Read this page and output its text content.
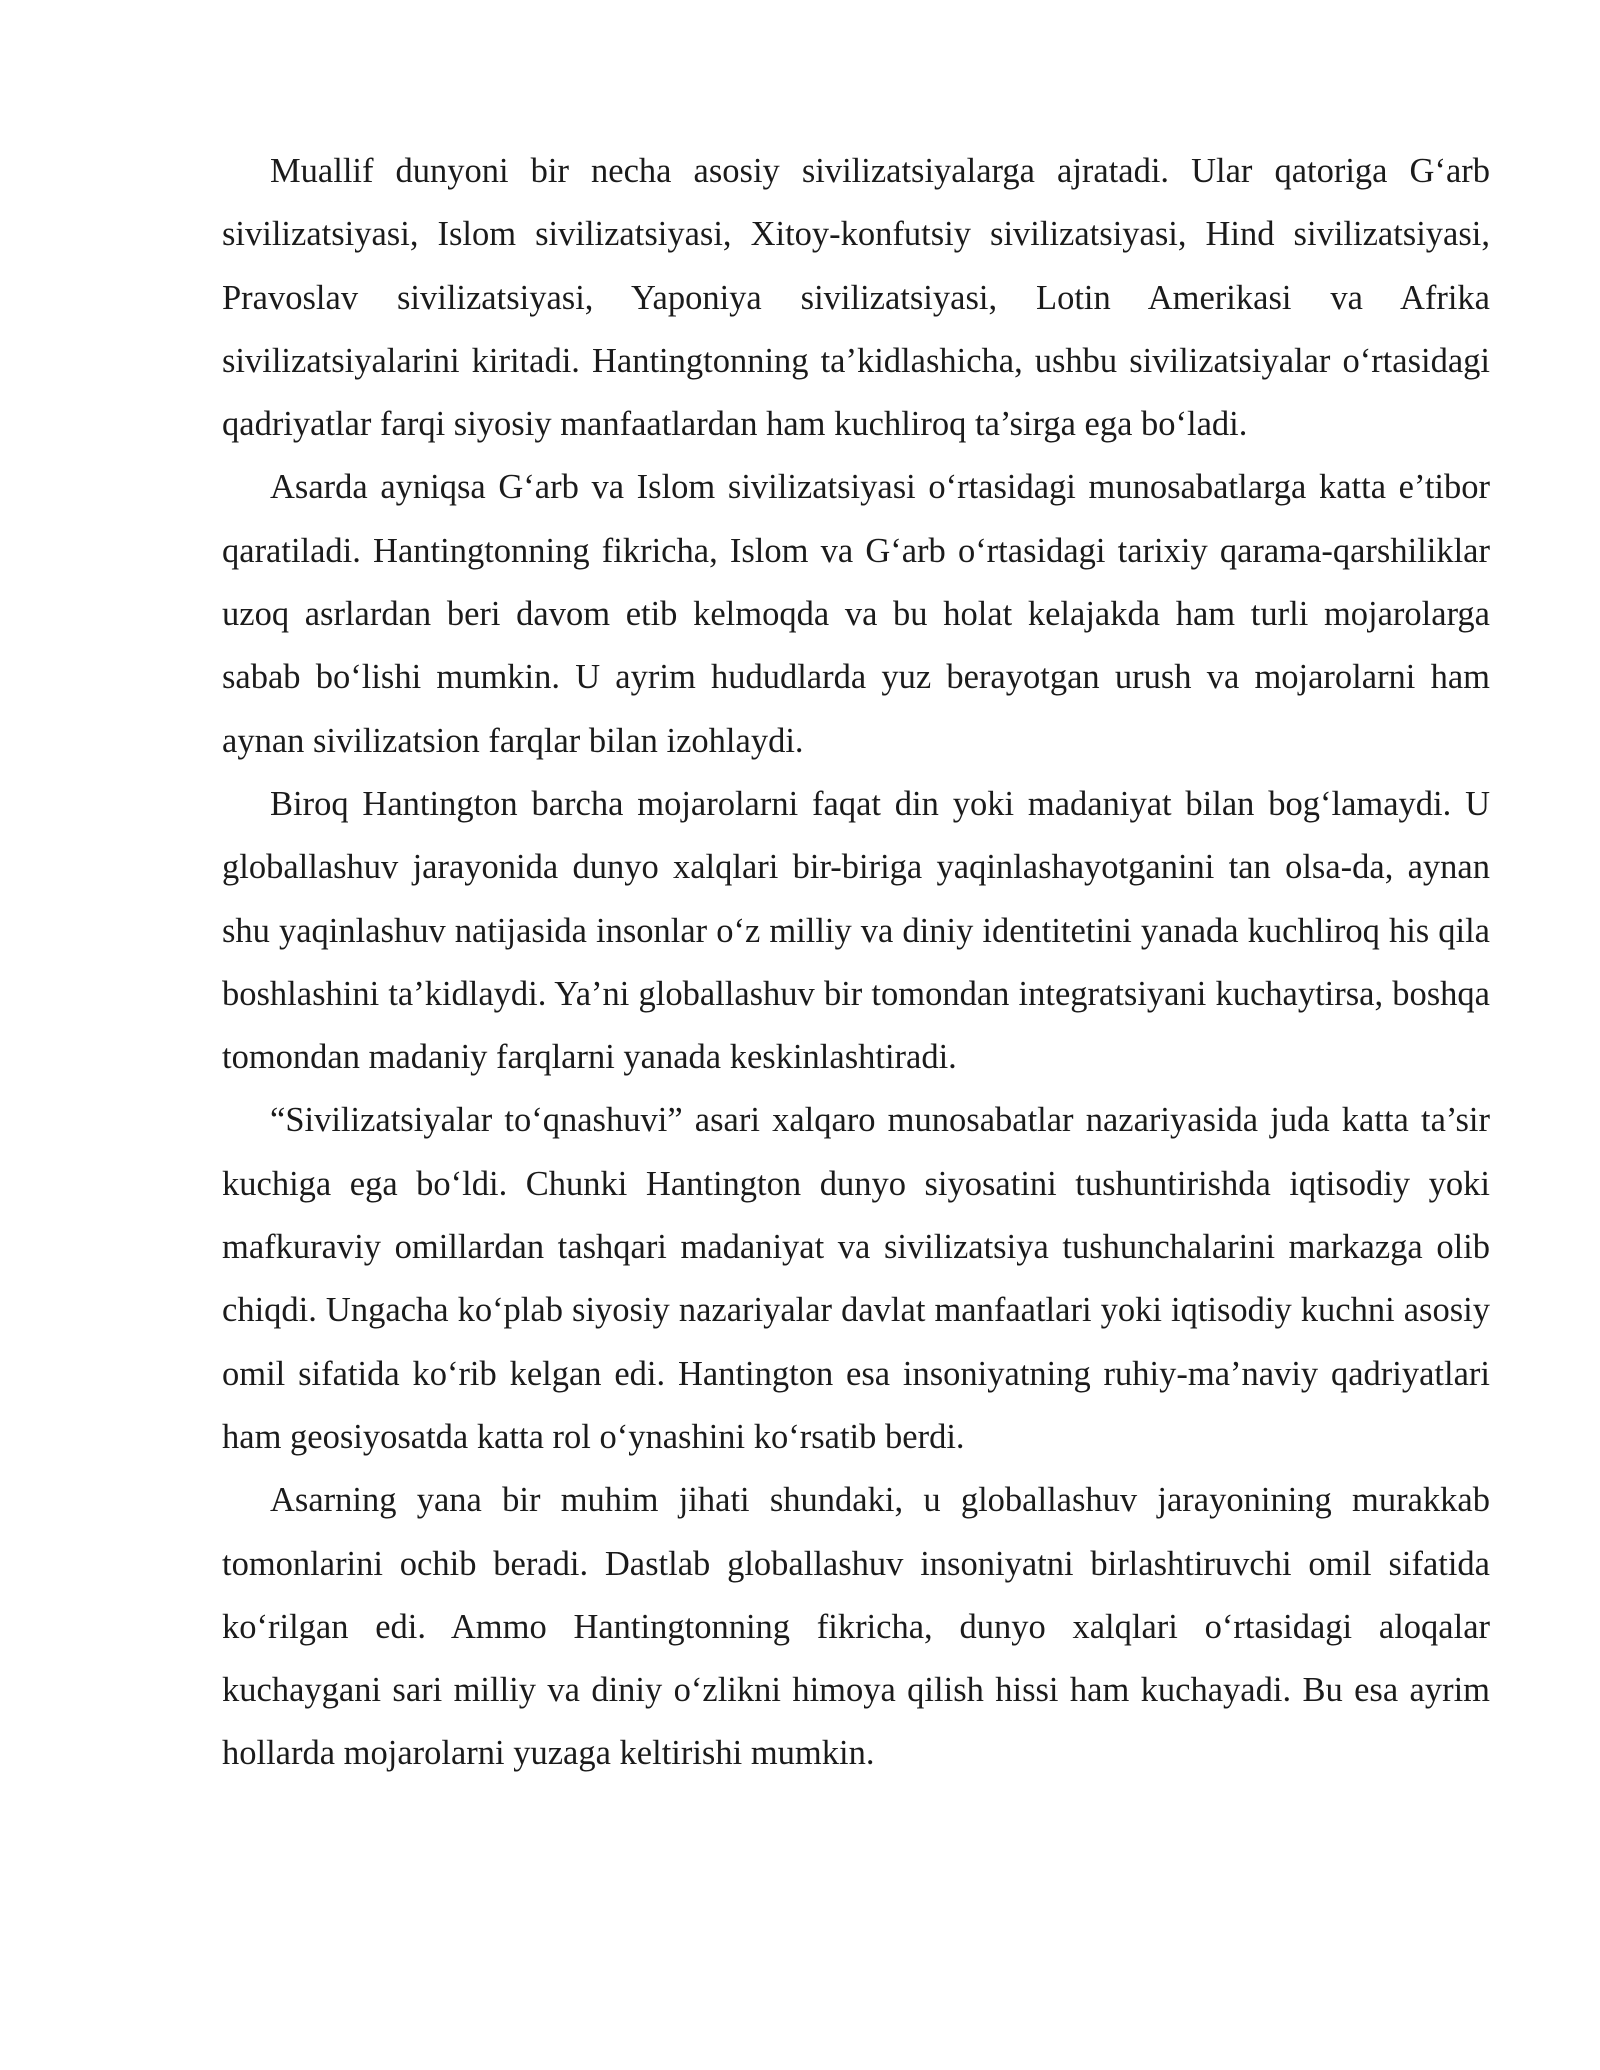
Muallif dunyoni bir necha asosiy sivilizatsiyalarga ajratadi. Ular qatoriga G‘arb sivilizatsiyasi, Islom sivilizatsiyasi, Xitoy-konfutsiy sivilizatsiyasi, Hind sivilizatsiyasi, Pravoslav sivilizatsiyasi, Yaponiya sivilizatsiyasi, Lotin Amerikasi va Afrika sivilizatsiyalarini kiritadi. Hantingtonning ta’kidlashicha, ushbu sivilizatsiyalar o‘rtasidagi qadriyatlar farqi siyosiy manfaatlardan ham kuchliroq ta’sirga ega bo‘ladi.

Asarda ayniqsa G‘arb va Islom sivilizatsiyasi o‘rtasidagi munosabatlarga katta e’tibor qaratiladi. Hantingtonning fikricha, Islom va G‘arb o‘rtasidagi tarixiy qarama-qarshiliklar uzoq asrlardan beri davom etib kelmoqda va bu holat kelajakda ham turli mojarolarga sabab bo‘lishi mumkin. U ayrim hududlarda yuz berayotgan urush va mojarolarni ham aynan sivilizatsion farqlar bilan izohlaydi.

Biroq Hantington barcha mojarolarni faqat din yoki madaniyat bilan bog‘lamaydi. U globallashuv jarayonida dunyo xalqlari bir-biriga yaqinlashayotganini tan olsa-da, aynan shu yaqinlashuv natijasida insonlar o‘z milliy va diniy identitetini yanada kuchliroq his qila boshlashini ta’kidlaydi. Ya’ni globallashuv bir tomondan integratsiyani kuchaytirsa, boshqa tomondan madaniy farqlarni yanada keskinlashtiradi.

“Sivilizatsiyalar to‘qnashuvi” asari xalqaro munosabatlar nazariyasida juda katta ta’sir kuchiga ega bo‘ldi. Chunki Hantington dunyo siyosatini tushuntirishda iqtisodiy yoki mafkuraviy omillardan tashqari madaniyat va sivilizatsiya tushunchalarini markazga olib chiqdi. Ungacha ko‘plab siyosiy nazariyalar davlat manfaatlari yoki iqtisodiy kuchni asosiy omil sifatida ko‘rib kelgan edi. Hantington esa insoniyatning ruhiy-ma’naviy qadriyatlari ham geosiyosatda katta rol o‘ynashini ko‘rsatib berdi.

Asarning yana bir muhim jihati shundaki, u globallashuv jarayonining murakkab tomonlarini ochib beradi. Dastlab globallashuv insoniyatni birlashtiruvchi omil sifatida ko‘rilgan edi. Ammo Hantingtonning fikricha, dunyo xalqlari o‘rtasidagi aloqalar kuchaygani sari milliy va diniy o‘zlikni himoya qilish hissi ham kuchayadi. Bu esa ayrim hollarda mojarolarni yuzaga keltirishi mumkin.
